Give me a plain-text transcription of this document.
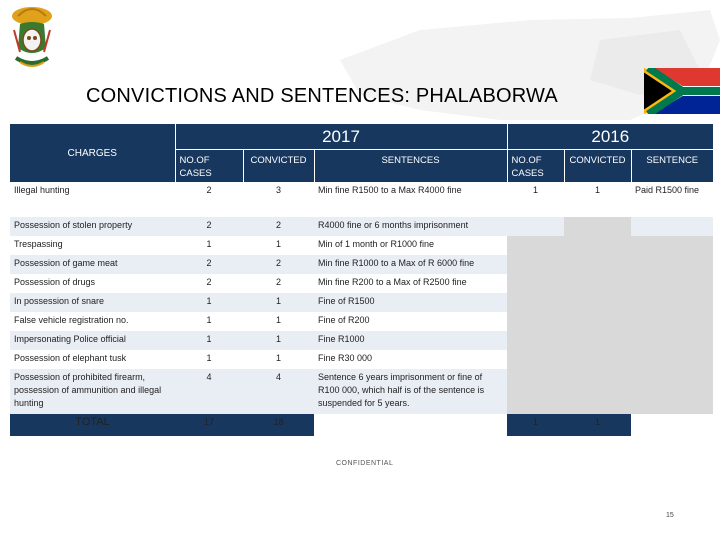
CONVICTIONS AND SENTENCES: PHALABORWA
CHARGES	2017			2016		
	NO.OF CASES	CONVICTED	SENTENCES	NO.OF CASES	CONVICTED	SENTENCE
Illegal hunting	2	3	Min fine R1500 to a Max R4000 fine	1	1	Paid R1500 fine
Possession of stolen property	2	2	R4000 fine or 6 months imprisonment			
Trespassing	1	1	Min of 1 month or R1000 fine			
Possession of game meat	2	2	Min fine R1000 to a Max of R 6000 fine			
Possession of drugs	2	2	Min fine R200 to a Max of R2500 fine			
In possession of snare	1	1	Fine of R1500			
False vehicle registration no.	1	1	Fine of R200			
Impersonating Police official	1	1	Fine R1000			
Possession of elephant tusk	1	1	Fine R30 000			
Possession of prohibited firearm, possession of ammunition and illegal hunting	4	4	Sentence 6 years imprisonment or fine of R100 000, which half is of the sentence is suspended for 5 years.			
TOTAL	17	18		1	1	
CONFIDENTIAL
15
